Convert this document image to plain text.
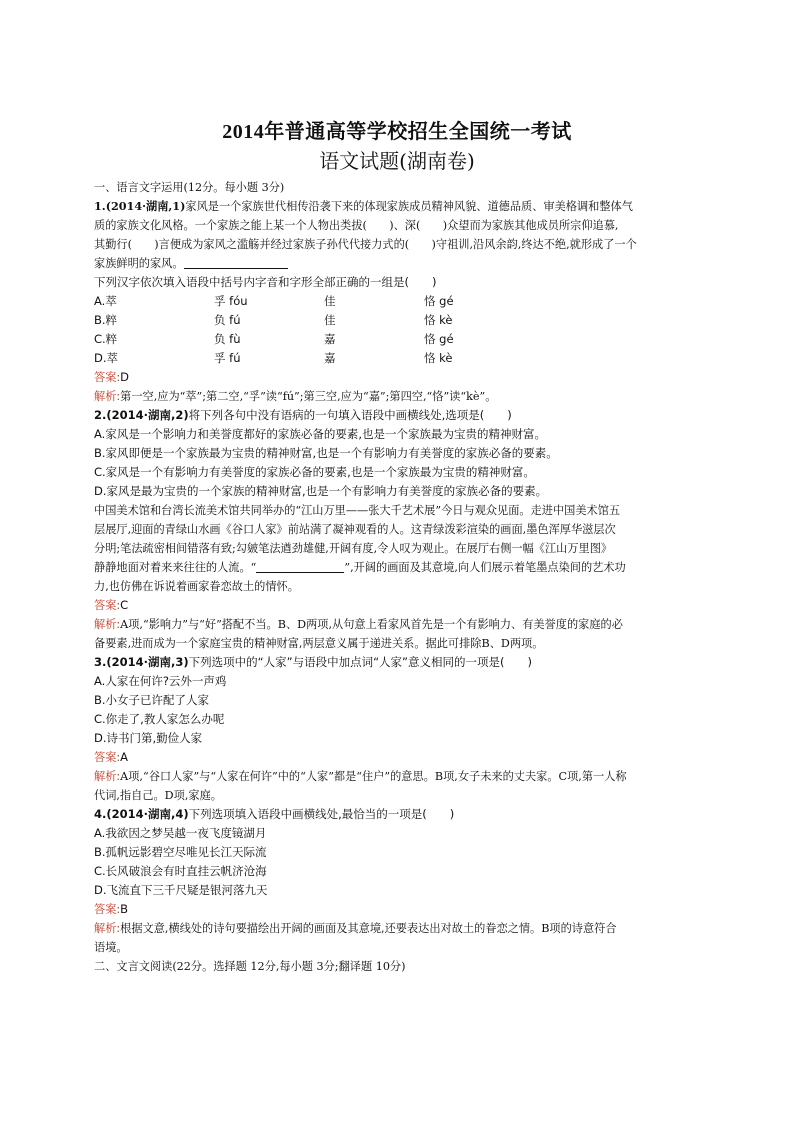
2014年普通高等学校招生全国统一考试

语文试题(湖南卷)

一、语言文字运用(12分。每小题 3分)

1.(2014·湖南,1)家风是一个家族世代相传沿袭下来的体现家族成员精神风貌、道德品质、审美格调和整体气

质的家族文化风格。一个家族之能上某一个人物出类拔(　　)、深(　　)众望而为家族其他成员所宗仰追慕,

其勤行(　　)言便成为家风之滥觞并经过家族子孙代代接力式的(　　)守祖训,沿风余韵,终达不绝,就形成了一个

家族鲜明的家风。

下列汉字依次填入语段中括号内字音和字形全部正确的一组是(　　)

A.萃	孚 fóu	佳	恪 gé
B.粹	负 fú	佳	恪 kè
C.粹	负 fù	嘉	恪 gé
D.萃	孚 fú	嘉	恪 kè

答案:D

解析:第一空,应为“萃”;第二空,“孚”读“fú”;第三空,应为“嘉”;第四空,“恪”读“kè”。

2.(2014·湖南,2)将下列各句中没有语病的一句填入语段中画横线处,选项是(　　)

A.家风是一个影响力和美誉度都好的家族必备的要素,也是一个家族最为宝贵的精神财富。

B.家风即便是一个家族最为宝贵的精神财富,也是一个有影响力有美誉度的家族必备的要素。

C.家风是一个有影响力有美誉度的家族必备的要素,也是一个家族最为宝贵的精神财富。

D.家风是最为宝贵的一个家族的精神财富,也是一个有影响力有美誉度的家族必备的要素。

中国美术馆和台湾长流美术馆共同举办的“江山万里——张大千艺术展”今日与观众见面。走进中国美术馆五

层展厅,迎面的青绿山水画《谷口人家》前站满了凝神观看的人。这青绿泼彩渲染的画面,墨色浑厚华滋层次

分明;笔法疏密相间错落有致;勾皴笔法遒劲雄健,开阔有度,令人叹为观止。在展厅右侧一幅《江山万里图》

静静地面对着来来往往的人流。“	”,开阔的画面及其意境,向人们展示着笔墨点染间的艺术功

力,也仿佛在诉说着画家眷恋故土的情怀。

答案:C

解析:A项,“影响力”与“好”搭配不当。B、D两项,从句意上看家风首先是一个有影响力、有美誉度的家庭的必

备要素,进而成为一个家庭宝贵的精神财富,两层意义属于递进关系。据此可排除B、D两项。

3.(2014·湖南,3)下列选项中的“人家”与语段中加点词“人家”意义相同的一项是(　　)

A.人家在何许?云外一声鸡

B.小女子已许配了人家

C.你走了,教人家怎么办呢

D.诗书门第,勤俭人家

答案:A

解析:A项,“谷口人家”与“人家在何许”中的“人家”都是“住户”的意思。B项,女子未来的丈夫家。C项,第一人称

代词,指自己。D项,家庭。

4.(2014·湖南,4)下列选项填入语段中画横线处,最恰当的一项是(　　)

A.我欲因之梦吴越一夜飞度镜湖月

B.孤帆远影碧空尽唯见长江天际流

C.长风破浪会有时直挂云帆济沧海

D.飞流直下三千尺疑是银河落九天

答案:B

解析:根据文意,横线处的诗句要描绘出开阔的画面及其意境,还要表达出对故土的眷恋之情。B项的诗意符合

语境。

二、文言文阅读(22分。选择题 12分,每小题 3分;翻译题 10分)
